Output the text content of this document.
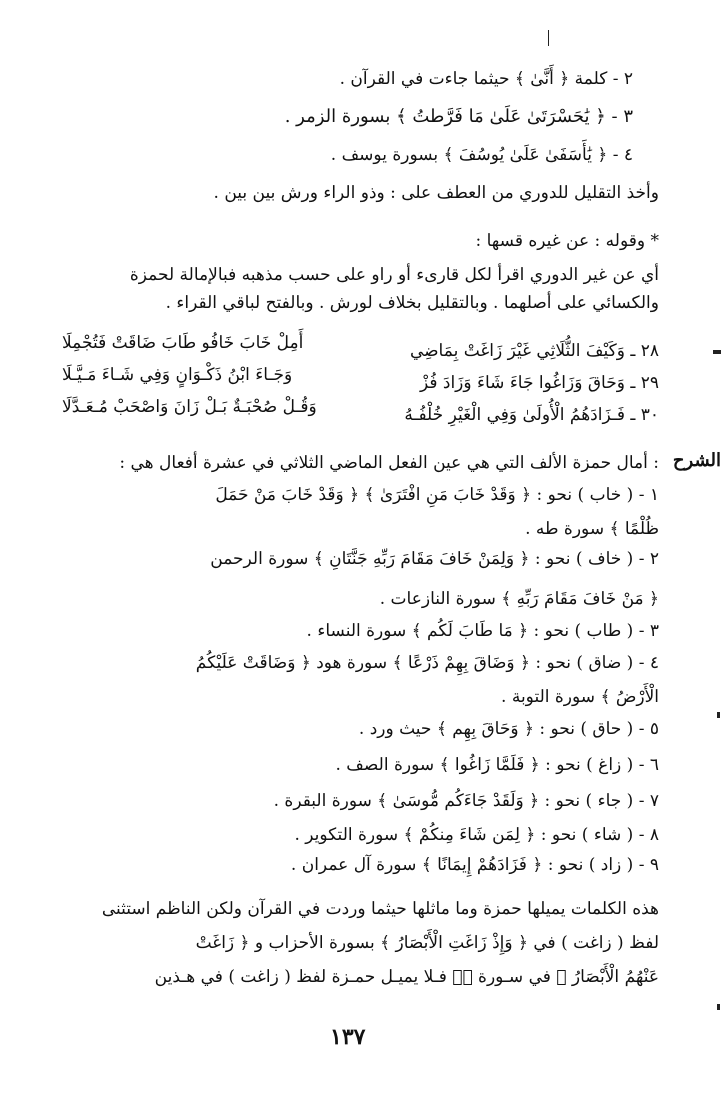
٢ - كلمة ﴿ أَنَّىٰ ﴾ حيثما جاءت في القرآن .
٣ - ﴿ يَٰحَسْرَتَىٰ عَلَىٰ مَا فَرَّطتُ ﴾ بسورة الزمر .
٤ - ﴿ يَٰأَسَفَىٰ عَلَىٰ يُوسُفَ ﴾ بسورة يوسف .
وأخذ التقليل للدوري من العطف على : وذو الراء ورش بين بين .
* وقوله : عن غيره قسها :
أي عن غير الدوري اقرأ لكل قارىء أو راو على حسب مذهبه فبالإمالة لحمزة
والكسائي على أصلهما . وبالتقليل بخلاف لورش . وبالفتح لباقي القراء .
٢٨ ـ وَكَيْفَ الثُّلَاثِي غَيْرَ زَاغَتْ بِمَاضِي
أَمِلْ خَابَ خَافُو طَابَ ضَاقَتْ فَتُجْمِلَا
٢٩ ـ وَحَاقَ وَزَاغُوا جَاءَ شَاءَ وَزَادَ فُزْ
وَجَـاءَ ابْنُ ذَكْـوَانٍ وَفِي شَـاءَ مَـيَّـلَا
٣٠ ـ فَـزَادَهُمُ الْأُولَىٰ وَفِي الْغَيْرِ خُلْفُـهُ
وَقُـلْ صُحْبَـةٌ بَـلْ زَانَ وَاصْحَبْ مُـعَـدَّلَا
الشرح
: أمال حمزة الألف التي هي عين الفعل الماضي الثلاثي في عشرة أفعال هي :
١ - ( خاب ) نحو : ﴿ وَقَدْ خَابَ مَنِ افْتَرَىٰ ﴾ ﴿ وَقَدْ خَابَ مَنْ حَمَلَ
ظُلْمًا ﴾ سورة طه .
٢ - ( خاف ) نحو : ﴿ وَلِمَنْ خَافَ مَقَامَ رَبِّهِ جَنَّتَانِ ﴾ سورة الرحمن
﴿ مَنْ خَافَ مَقَامَ رَبِّهِ ﴾ سورة النازعات .
٣ - ( طاب ) نحو : ﴿ مَا طَابَ لَكُم ﴾ سورة النساء .
٤ - ( ضاق ) نحو : ﴿ وَضَاقَ بِهِمْ ذَرْعًا ﴾ سورة هود ﴿ وَضَاقَتْ عَلَيْكُمُ
الْأَرْضُ ﴾ سورة التوبة .
٥ - ( حاق ) نحو : ﴿ وَحَاقَ بِهِم ﴾ حيث ورد .
٦ - ( زاغ ) نحو : ﴿ فَلَمَّا زَاغُوا ﴾ سورة الصف .
٧ - ( جاء ) نحو : ﴿ وَلَقَدْ جَاءَكُم مُّوسَىٰ ﴾ سورة البقرة .
٨ - ( شاء ) نحو : ﴿ لِمَن شَاءَ مِنكُمْ ﴾ سورة التكوير .
٩ - ( زاد ) نحو : ﴿ فَزَادَهُمْ إِيمَانًا ﴾ سورة آل عمران .
هذه الكلمات يميلها حمزة وما ماثلها حيثما وردت في القرآن ولكن الناظم استثنى
لفظ ( زاغت ) في ﴿ وَإِذْ زَاغَتِ الْأَبْصَارُ ﴾ بسورة الأحزاب و ﴿ زَاغَتْ
عَنْهُمُ الْأَبْصَارُ ﴾ في سـورة صۤ فـلا يميـل حمـزة لفظ ( زاغت ) في هـذين
١٣٧
